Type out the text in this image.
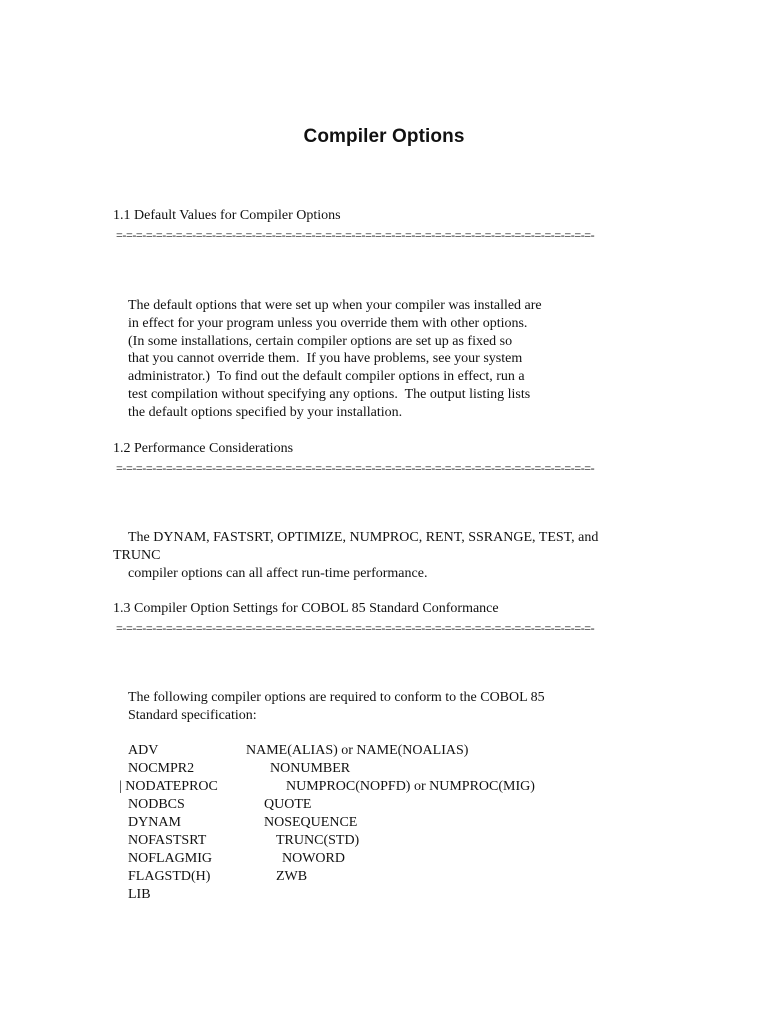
Compiler Options
1.1 Default Values for Compiler Options
=-=-=-=-=-=-=-=-=-=-=-=-=-=-=-=-=-=-=-=-=-=-=-=-=-=-=-=-=-=-=-=-=-=-=-=-=-=-=-=-=-=-=-=-=-=-=-=-
The default options that were set up when your compiler was installed are
in effect for your program unless you override them with other options.
(In some installations, certain compiler options are set up as fixed so
that you cannot override them.  If you have problems, see your system
administrator.)  To find out the default compiler options in effect, run a
test compilation without specifying any options.  The output listing lists
the default options specified by your installation.
1.2 Performance Considerations
=-=-=-=-=-=-=-=-=-=-=-=-=-=-=-=-=-=-=-=-=-=-=-=-=-=-=-=-=-=-=-=-=-=-=-=-=-=-=-=-=-=-=-=-=-=-=-=-
The DYNAM, FASTSRT, OPTIMIZE, NUMPROC, RENT, SSRANGE, TEST, and
TRUNC
compiler options can all affect run-time performance.
1.3 Compiler Option Settings for COBOL 85 Standard Conformance
=-=-=-=-=-=-=-=-=-=-=-=-=-=-=-=-=-=-=-=-=-=-=-=-=-=-=-=-=-=-=-=-=-=-=-=-=-=-=-=-=-=-=-=-=-=-=-=-
The following compiler options are required to conform to the COBOL 85
Standard specification:
ADV	NAME(ALIAS) or NAME(NOALIAS)
NOCMPR2	NONUMBER
| NODATEPROC	NUMPROC(NOPFD) or NUMPROC(MIG)
NODBCS	QUOTE
DYNAM	NOSEQUENCE
NOFASTSRT	TRUNC(STD)
NOFLAGMIG	NOWORD
FLAGSTD(H)	ZWB
LIB
